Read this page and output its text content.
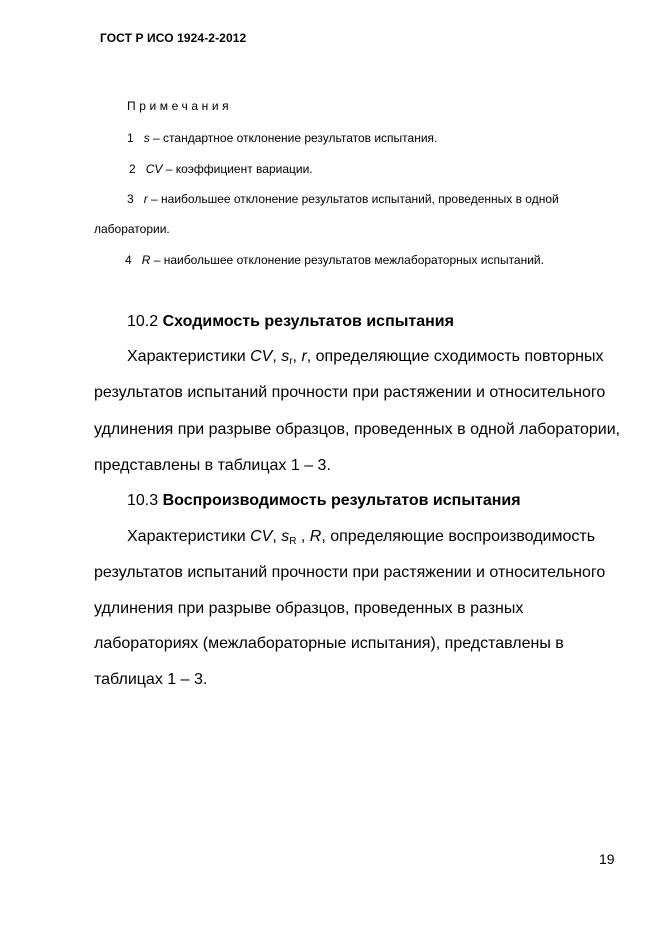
ГОСТ Р ИСО 1924-2-2012
Примечания
1 s – стандартное отклонение результатов испытания.
2 CV – коэффициент вариации.
3 r – наибольшее отклонение результатов испытаний, проведенных в одной
лаборатории.
4 R – наибольшее отклонение результатов межлабораторных испытаний.
10.2 Сходимость результатов испытания
Характеристики CV, $s_r$, r, определяющие сходимость повторных
результатов испытаний прочности при растяжении и относительного
удлинения при разрыве образцов, проведенных в одной лаборатории,
представлены в таблицах 1 – 3.
10.3 Воспроизводимость результатов испытания
Характеристики CV, $s_R$ , R, определяющие воспроизводимость
результатов испытаний прочности при растяжении и относительного
удлинения при разрыве образцов, проведенных в разных
лабораториях (межлабораторные испытания), представлены в
таблицах 1 – 3.
19
